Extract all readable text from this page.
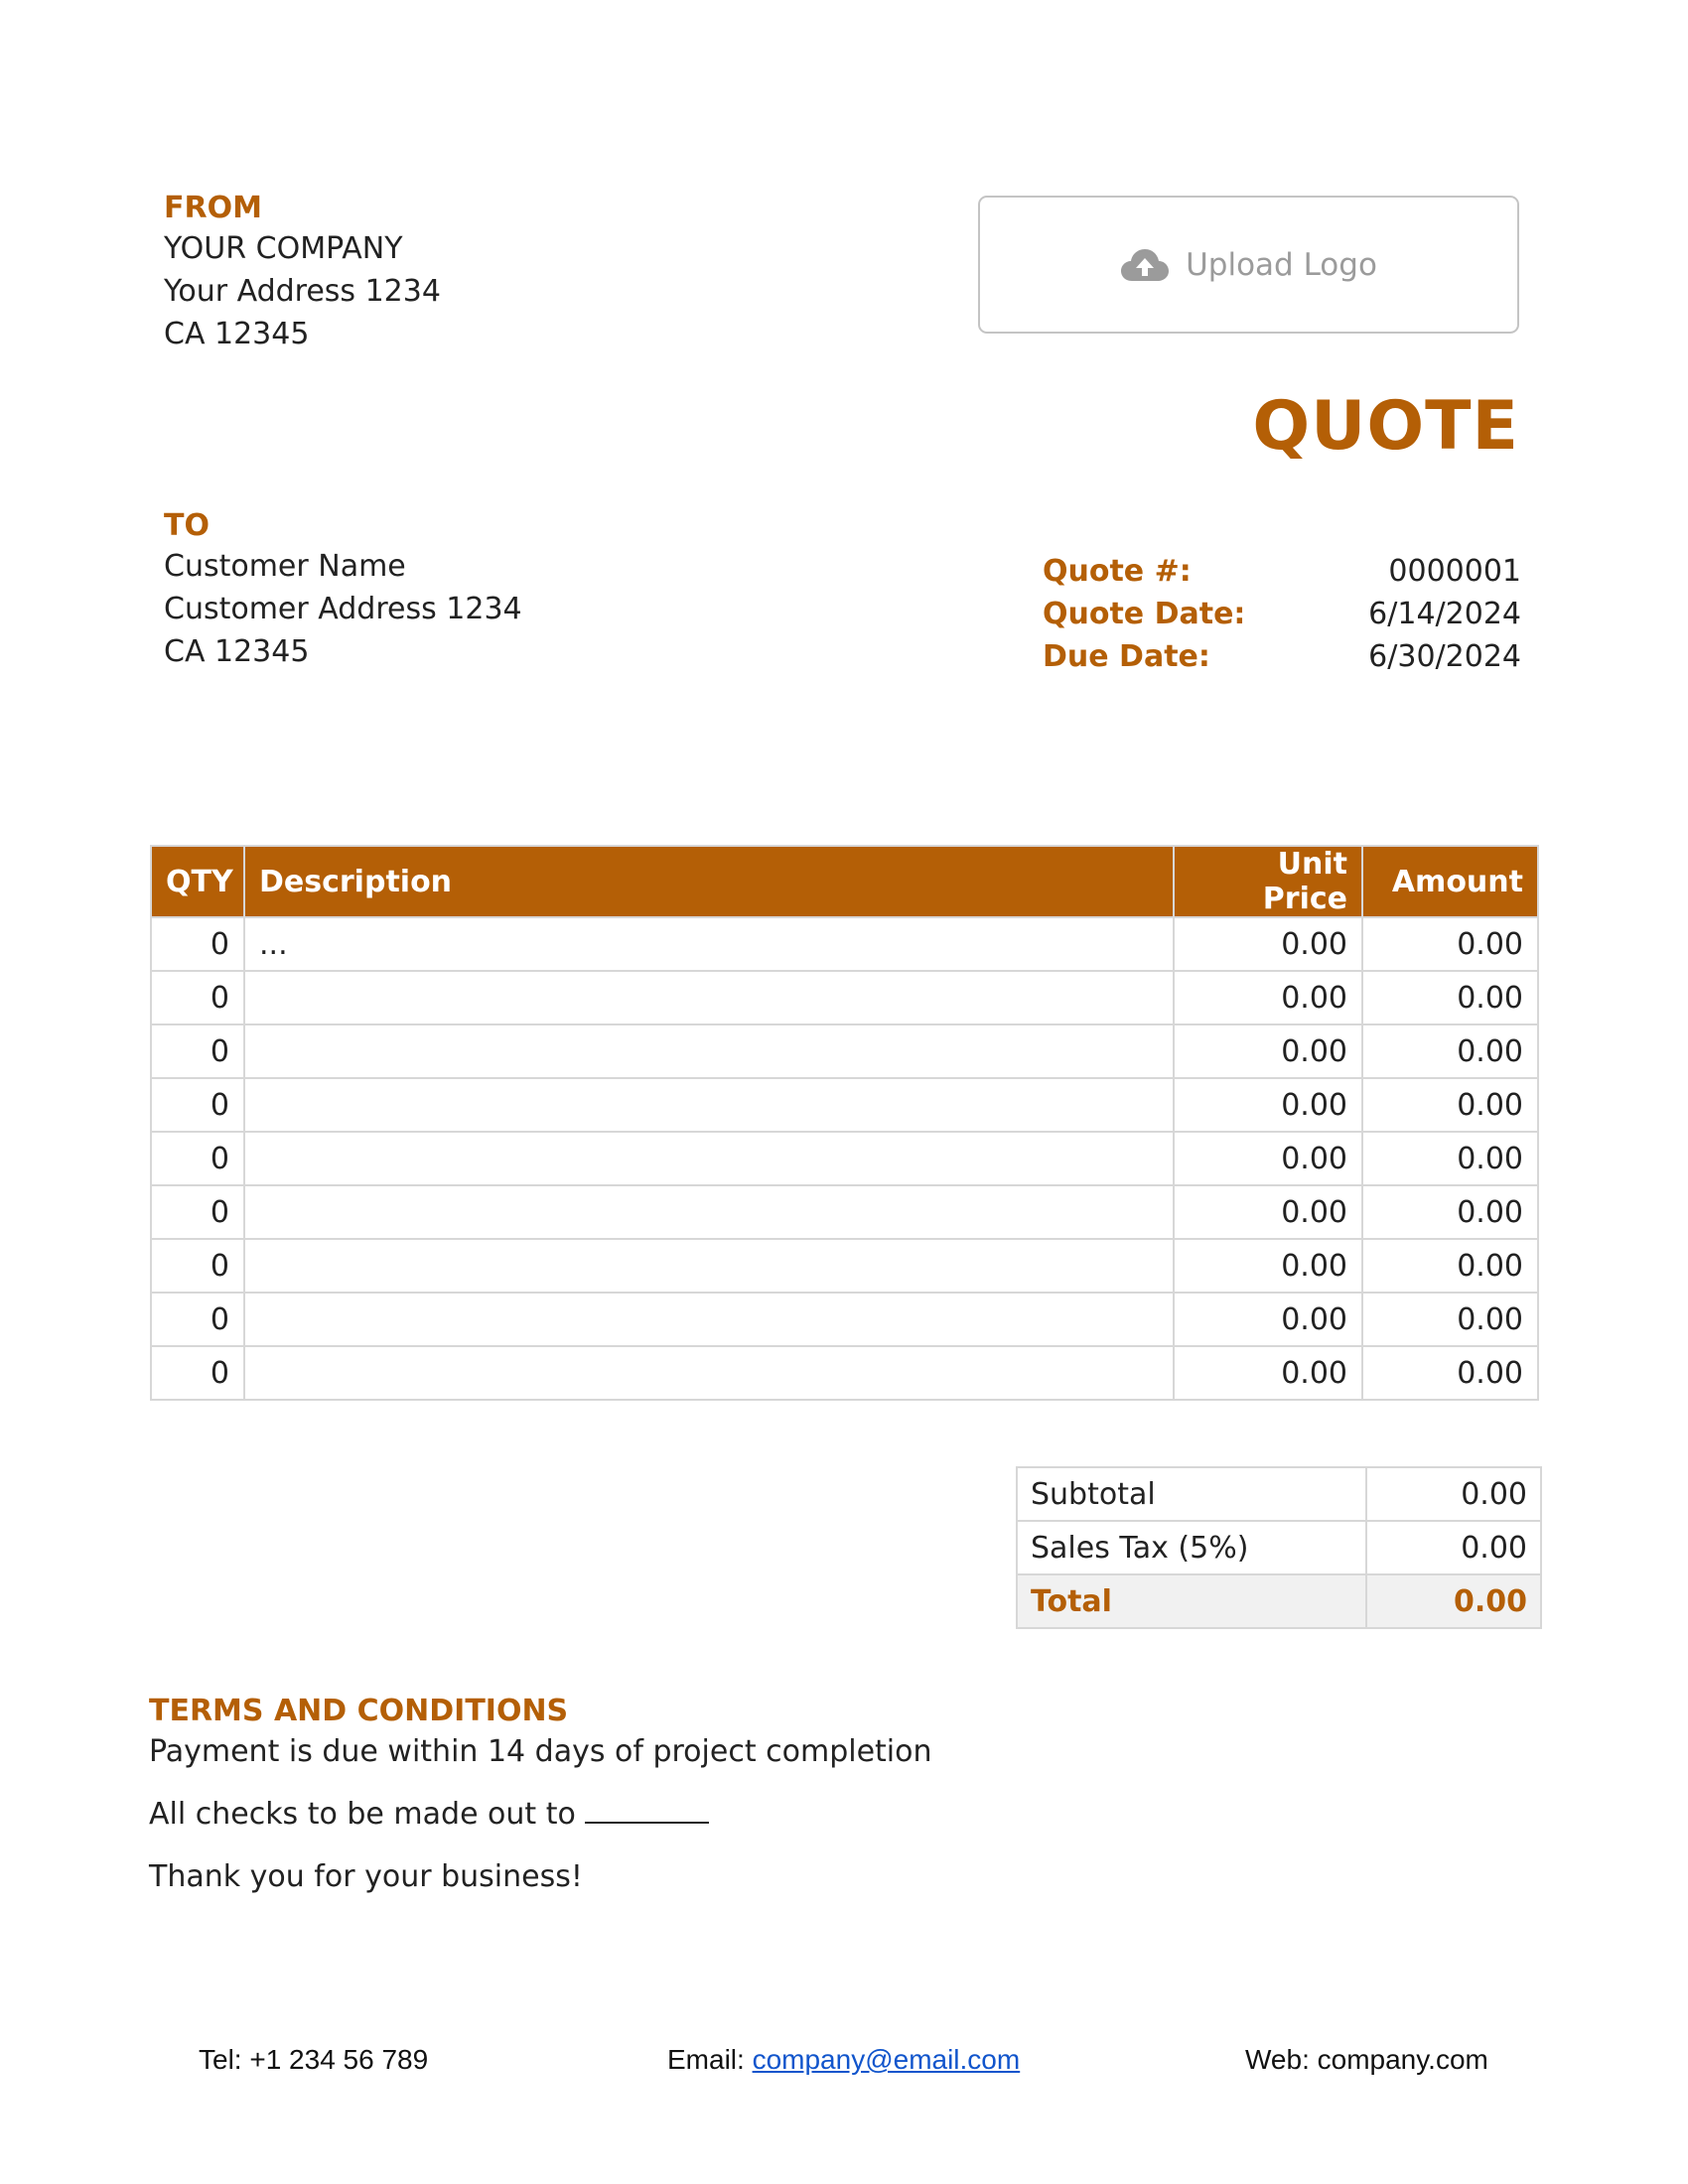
FROM
YOUR COMPANY
Your Address 1234
CA 12345
Upload Logo
QUOTE
TO
Customer Name
Customer Address 1234
CA 12345
Quote #:	0000001
Quote Date:	6/14/2024
Due Date:	6/30/2024
QTY	Description	Unit Price	Amount
0	...	0.00	0.00
0		0.00	0.00
0		0.00	0.00
0		0.00	0.00
0		0.00	0.00
0		0.00	0.00
0		0.00	0.00
0		0.00	0.00
0		0.00	0.00
Subtotal	0.00
Sales Tax (5%)	0.00
Total	0.00
TERMS AND CONDITIONS
Payment is due within 14 days of project completion
All checks to be made out to
Thank you for your business!
Tel: +1 234 56 789	Email: company@email.com	Web: company.com
